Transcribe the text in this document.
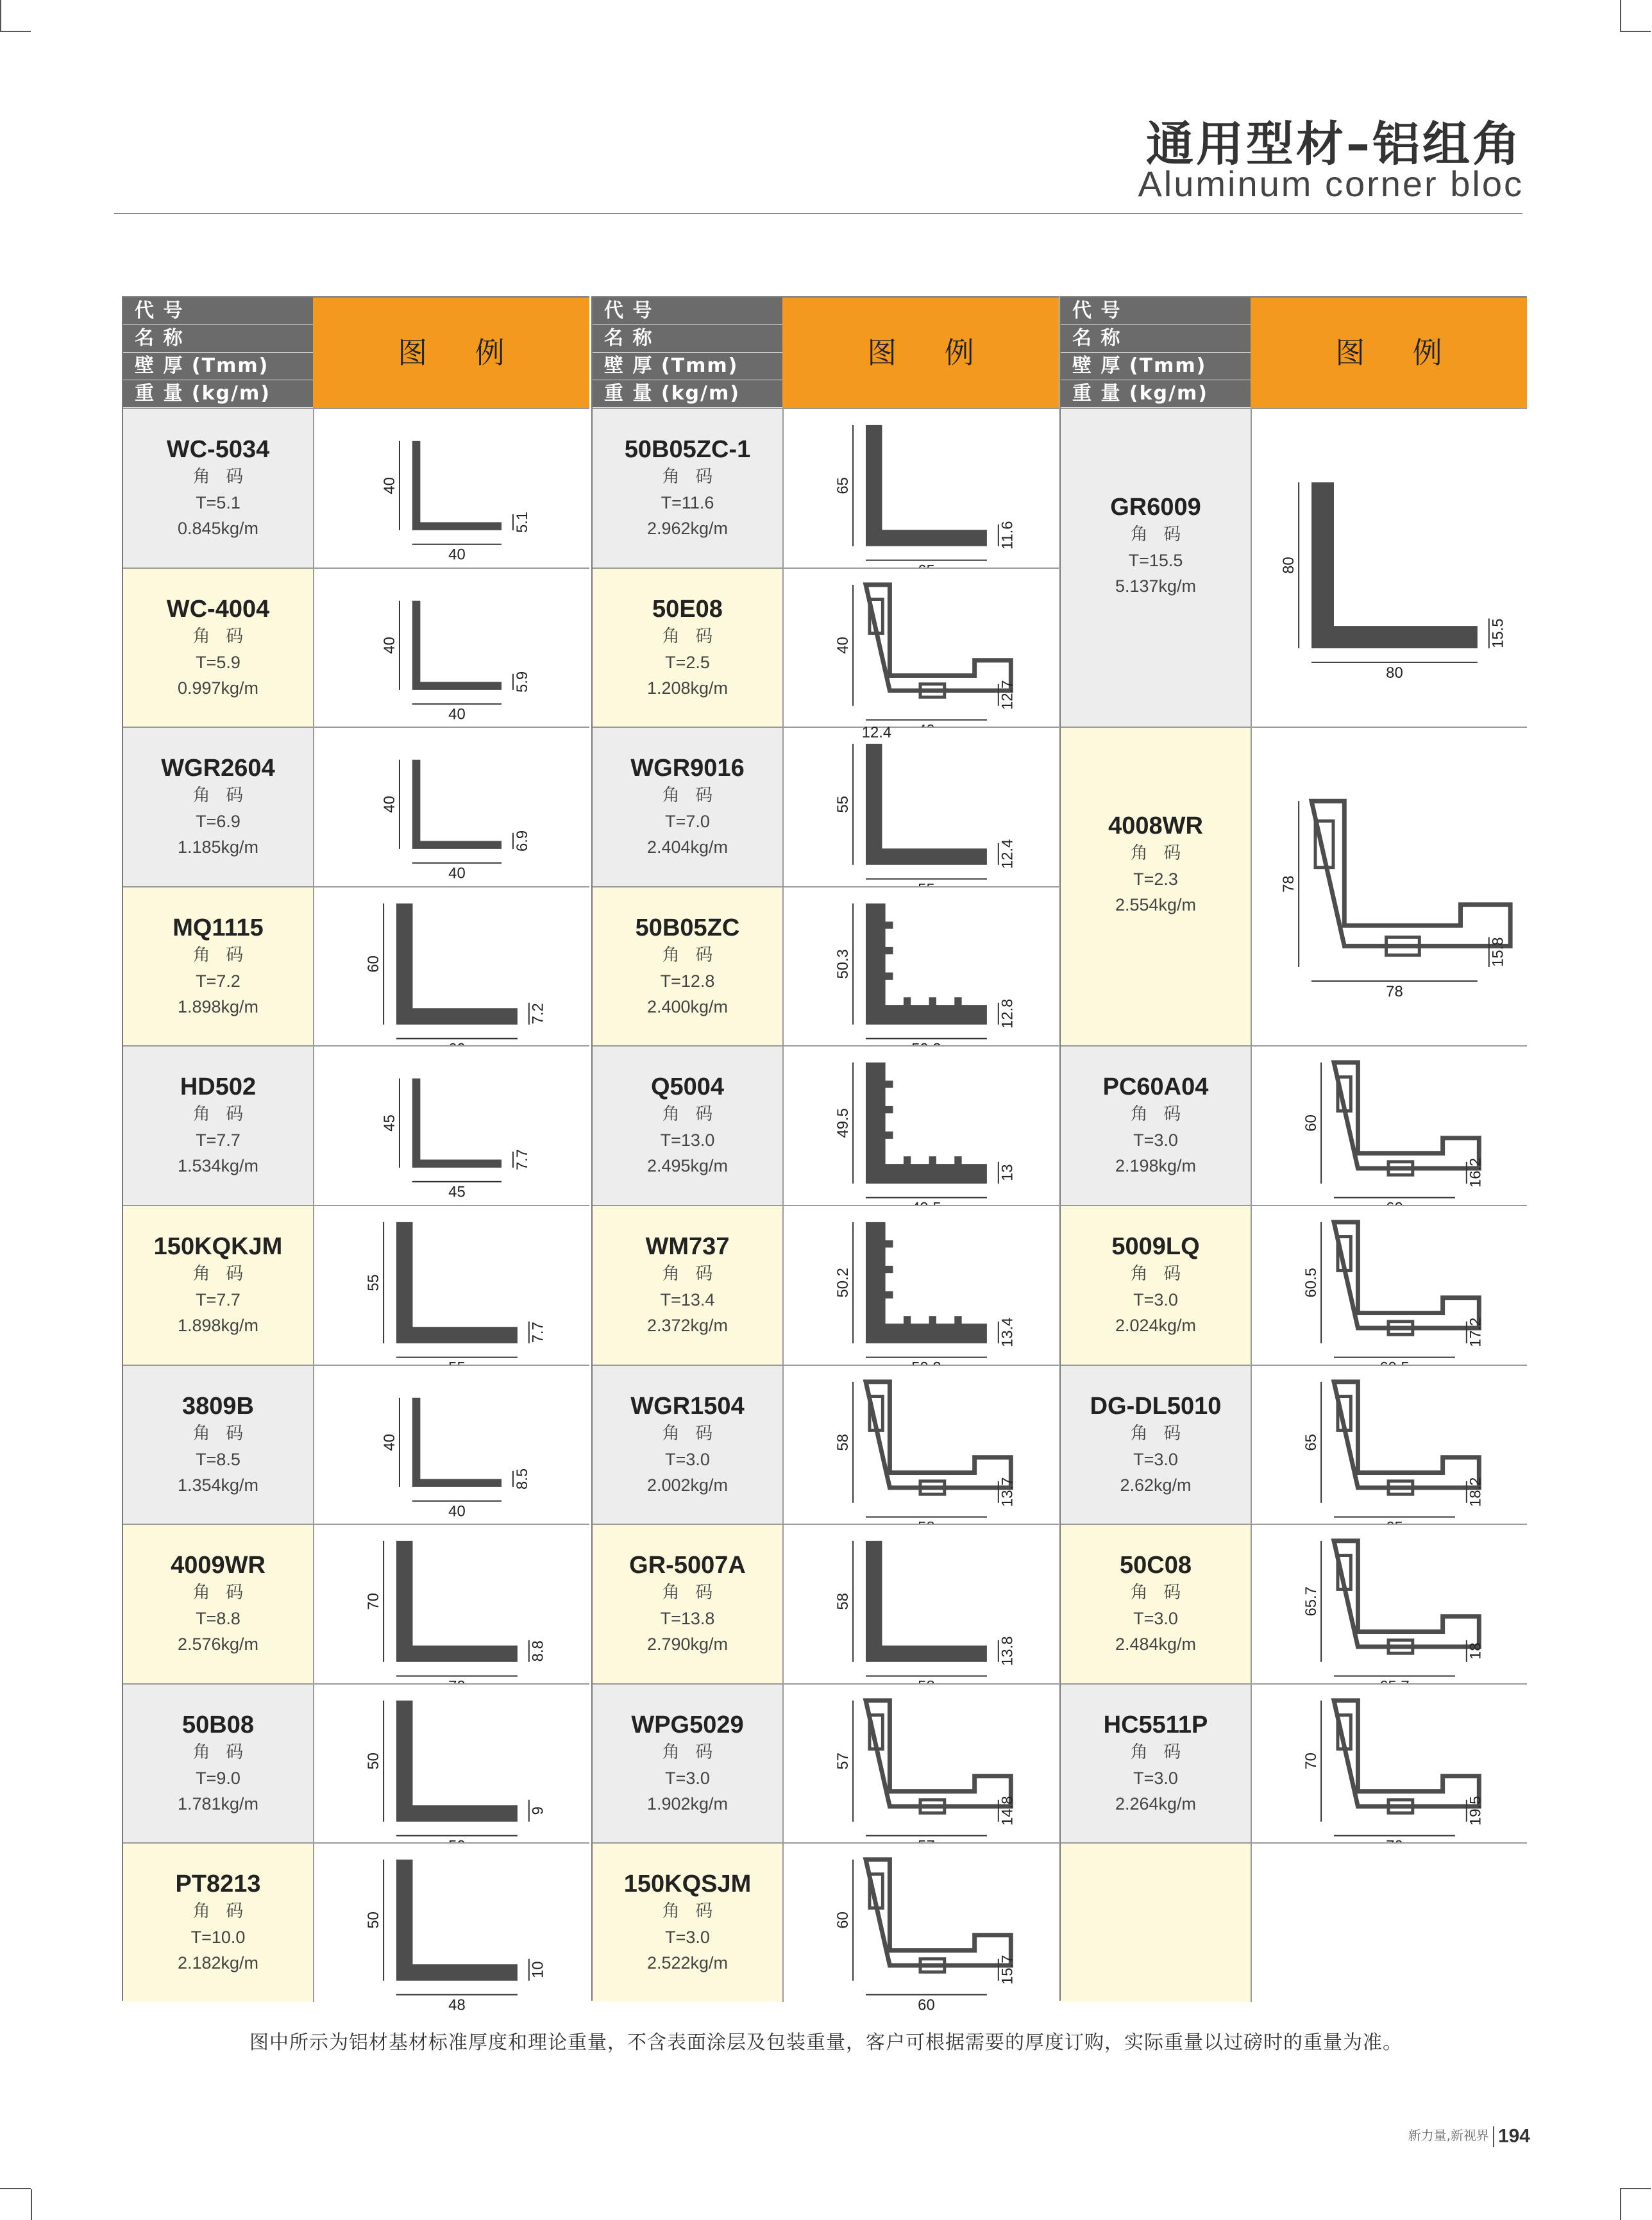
通用型材–铝组角
Aluminum corner bloc
代 号
名 称
壁 厚 (Tmm)
重 量 (kg/m)
图 例
WC-5034
角 码
T=5.1
0.845kg/m
40
40
5.1
WC-4004
角 码
T=5.9
0.997kg/m
40
40
5.9
WGR2604
角 码
T=6.9
1.185kg/m
40
40
6.9
MQ1115
角 码
T=7.2
1.898kg/m
60
7.2
HD502
角 码
T=7.7
1.534kg/m
45
45
7.7
150KQKJM
角 码
T=7.7
1.898kg/m
55
7.7
3809B
角 码
T=8.5
1.354kg/m
40
40
8.5
4009WR
角 码
T=8.8
2.576kg/m
70
8.8
50B08
角 码
T=9.0
1.781kg/m
50
9
PT8213
角 码
T=10.0
2.182kg/m
50
48
10
代 号
名 称
壁 厚 (Tmm)
重 量 (kg/m)
图 例
50B05ZC-1
角 码
T=11.6
2.962kg/m
65
11.6
50E08
角 码
T=2.5
1.208kg/m
40
12.7
WGR9016
角 码
T=7.0
2.404kg/m
55
12.4
12.4
50B05ZC
角 码
T=12.8
2.400kg/m
50.3
12.8
Q5004
角 码
T=13.0
2.495kg/m
49.5
13
WM737
角 码
T=13.4
2.372kg/m
50.2
13.4
WGR1504
角 码
T=3.0
2.002kg/m
58
13.7
GR-5007A
角 码
T=13.8
2.790kg/m
58
13.8
WPG5029
角 码
T=3.0
1.902kg/m
57
14.8
150KQSJM
角 码
T=3.0
2.522kg/m
60
60
15.7
代 号
名 称
壁 厚 (Tmm)
重 量 (kg/m)
图 例
GR6009
角 码
T=15.5
5.137kg/m
80
80
15.5
4008WR
角 码
T=2.3
2.554kg/m
78
78
15.8
PC60A04
角 码
T=3.0
2.198kg/m
60
16.2
5009LQ
角 码
T=3.0
2.024kg/m
60.5
17.2
DG-DL5010
角 码
T=3.0
2.62kg/m
65
18.2
50C08
角 码
T=3.0
2.484kg/m
65.7
18
HC5511P
角 码
T=3.0
2.264kg/m
70
19.5
图中所示为铝材基材标准厚度和理论重量，不含表面涂层及包装重量，客户可根据需要的厚度订购，实际重量以过磅时的重量为准。
新力量,新视界 194
